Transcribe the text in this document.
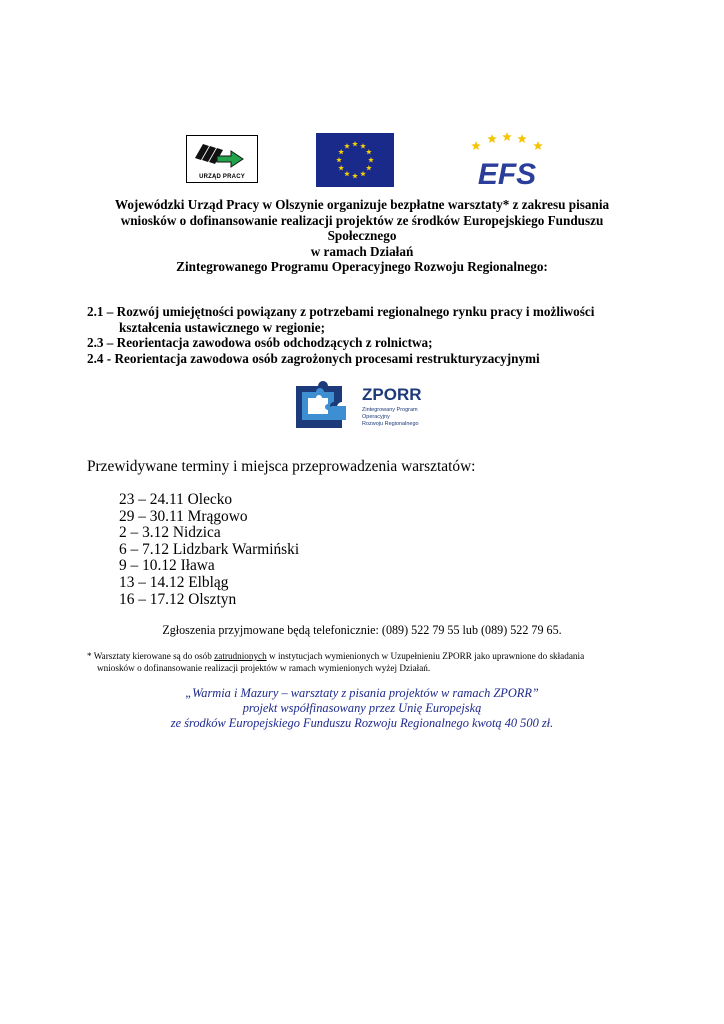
URZĄD PRACY	EFS
Wojewódzki Urząd Pracy w Olszynie organizuje bezpłatne warsztaty* z zakresu pisania
wniosków o dofinansowanie realizacji projektów ze środków Europejskiego Funduszu
Społecznego
w ramach Działań
Zintegrowanego Programu Operacyjnego Rozwoju Regionalnego:
2.1 – Rozwój umiejętności powiązany z potrzebami regionalnego rynku pracy i możliwości
kształcenia ustawicznego w regionie;
2.3 – Reorientacja zawodowa osób odchodzących z rolnictwa;
2.4 - Reorientacja zawodowa osób zagrożonych procesami restrukturyzacyjnymi
ZPORR
Zintegrowany Program
Operacyjny
Rozwoju Regionalnego
Przewidywane terminy i miejsca przeprowadzenia warsztatów:
23 – 24.11 Olecko
29 – 30.11 Mrągowo
2 – 3.12 Nidzica
6 – 7.12 Lidzbark Warmiński
9 – 10.12 Iława
13 – 14.12 Elbląg
16 – 17.12 Olsztyn
Zgłoszenia przyjmowane będą telefonicznie: (089) 522 79 55 lub (089) 522 79 65.
* Warsztaty kierowane są do osób zatrudnionych w instytucjach wymienionych w Uzupełnieniu ZPORR jako uprawnione do składania
wniosków o dofinansowanie realizacji projektów w ramach wymienionych wyżej Działań.
„Warmia i Mazury – warsztaty z pisania projektów w ramach ZPORR”
projekt współfinasowany przez Unię Europejską
ze środków Europejskiego Funduszu Rozwoju Regionalnego kwotą 40 500 zł.
